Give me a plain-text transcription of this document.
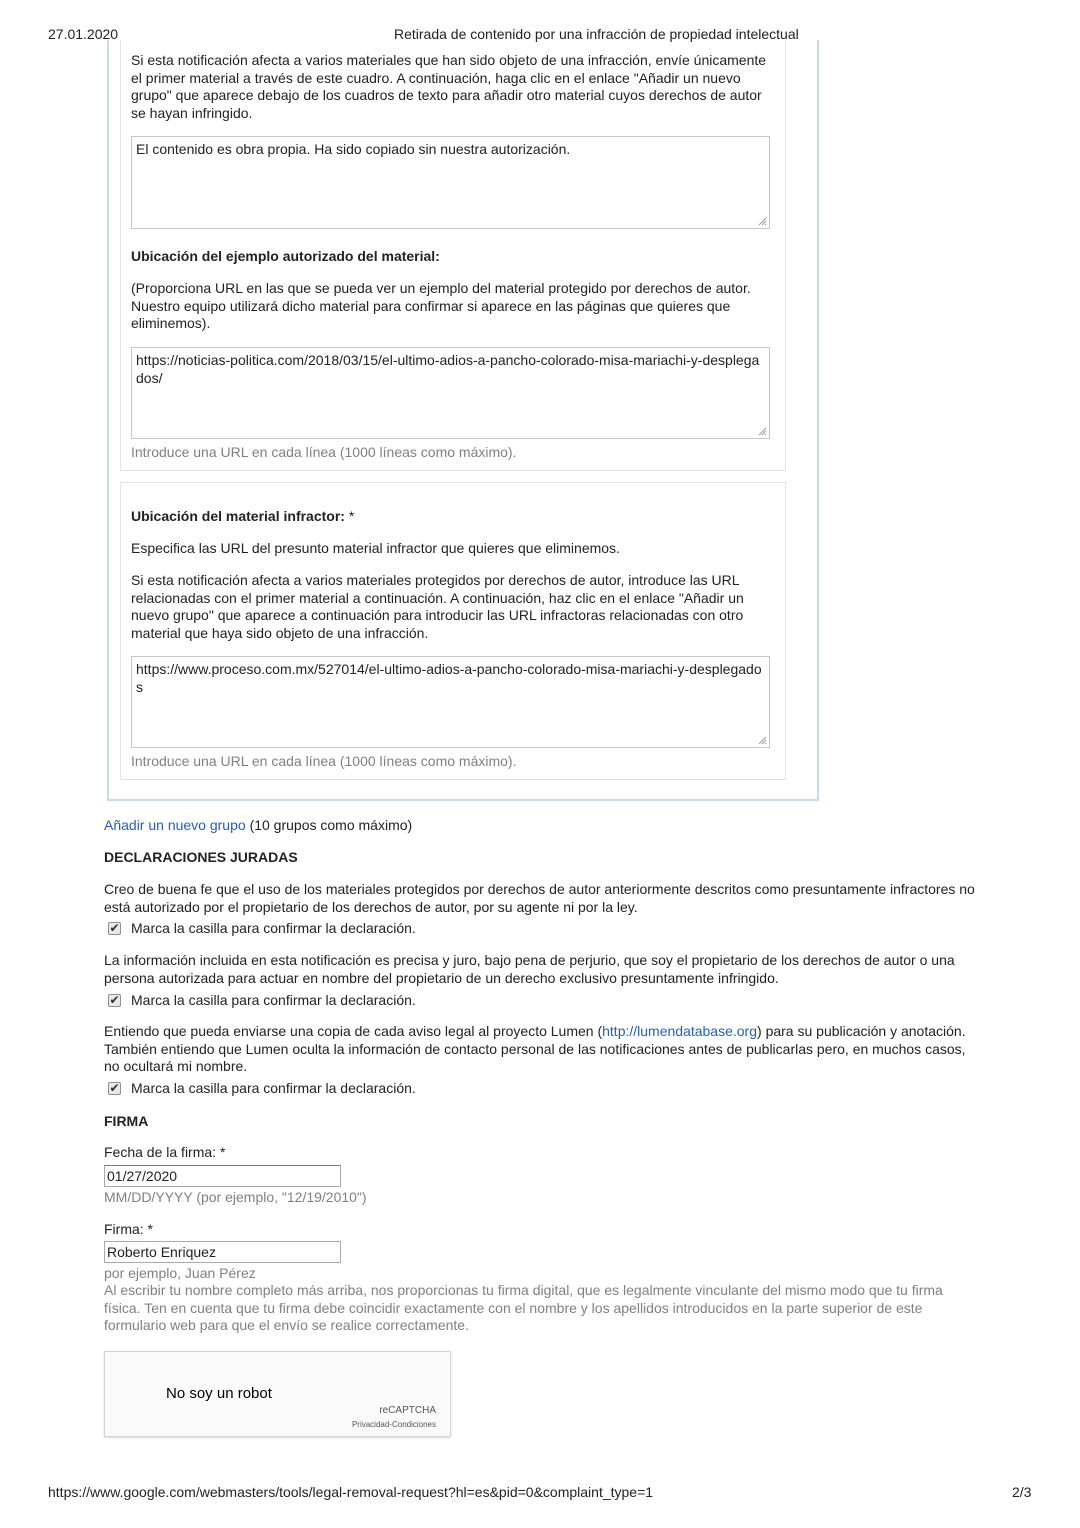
27.01.2020	Retirada de contenido por una infracción de propiedad intelectual
Si esta notificación afecta a varios materiales que han sido objeto de una infracción, envíe únicamente el primer material a través de este cuadro. A continuación, haga clic en el enlace "Añadir un nuevo grupo" que aparece debajo de los cuadros de texto para añadir otro material cuyos derechos de autor se hayan infringido.
El contenido es obra propia. Ha sido copiado sin nuestra autorización.
Ubicación del ejemplo autorizado del material:
(Proporciona URL en las que se pueda ver un ejemplo del material protegido por derechos de autor. Nuestro equipo utilizará dicho material para confirmar si aparece en las páginas que quieres que eliminemos).
https://noticias-politica.com/2018/03/15/el-ultimo-adios-a-pancho-colorado-misa-mariachi-y-desplegados/
Introduce una URL en cada línea (1000 líneas como máximo).
Ubicación del material infractor: *
Especifica las URL del presunto material infractor que quieres que eliminemos.
Si esta notificación afecta a varios materiales protegidos por derechos de autor, introduce las URL relacionadas con el primer material a continuación. A continuación, haz clic en el enlace "Añadir un nuevo grupo" que aparece a continuación para introducir las URL infractoras relacionadas con otro material que haya sido objeto de una infracción.
https://www.proceso.com.mx/527014/el-ultimo-adios-a-pancho-colorado-misa-mariachi-y-desplegados
Introduce una URL en cada línea (1000 líneas como máximo).
Añadir un nuevo grupo (10 grupos como máximo)
DECLARACIONES JURADAS
Creo de buena fe que el uso de los materiales protegidos por derechos de autor anteriormente descritos como presuntamente infractores no está autorizado por el propietario de los derechos de autor, por su agente ni por la ley.
✔ Marca la casilla para confirmar la declaración.
La información incluida en esta notificación es precisa y juro, bajo pena de perjurio, que soy el propietario de los derechos de autor o una persona autorizada para actuar en nombre del propietario de un derecho exclusivo presuntamente infringido.
✔ Marca la casilla para confirmar la declaración.
Entiendo que pueda enviarse una copia de cada aviso legal al proyecto Lumen (http://lumendatabase.org) para su publicación y anotación. También entiendo que Lumen oculta la información de contacto personal de las notificaciones antes de publicarlas pero, en muchos casos, no ocultará mi nombre.
✔ Marca la casilla para confirmar la declaración.
FIRMA
Fecha de la firma: *
01/27/2020
MM/DD/YYYY (por ejemplo, "12/19/2010")
Firma: *
Roberto Enriquez
por ejemplo, Juan Pérez
Al escribir tu nombre completo más arriba, nos proporcionas tu firma digital, que es legalmente vinculante del mismo modo que tu firma física. Ten en cuenta que tu firma debe coincidir exactamente con el nombre y los apellidos introducidos en la parte superior de este formulario web para que el envío se realice correctamente.
No soy un robot
reCAPTCHA
Privacidad-Condiciones
https://www.google.com/webmasters/tools/legal-removal-request?hl=es&pid=0&complaint_type=1	2/3
